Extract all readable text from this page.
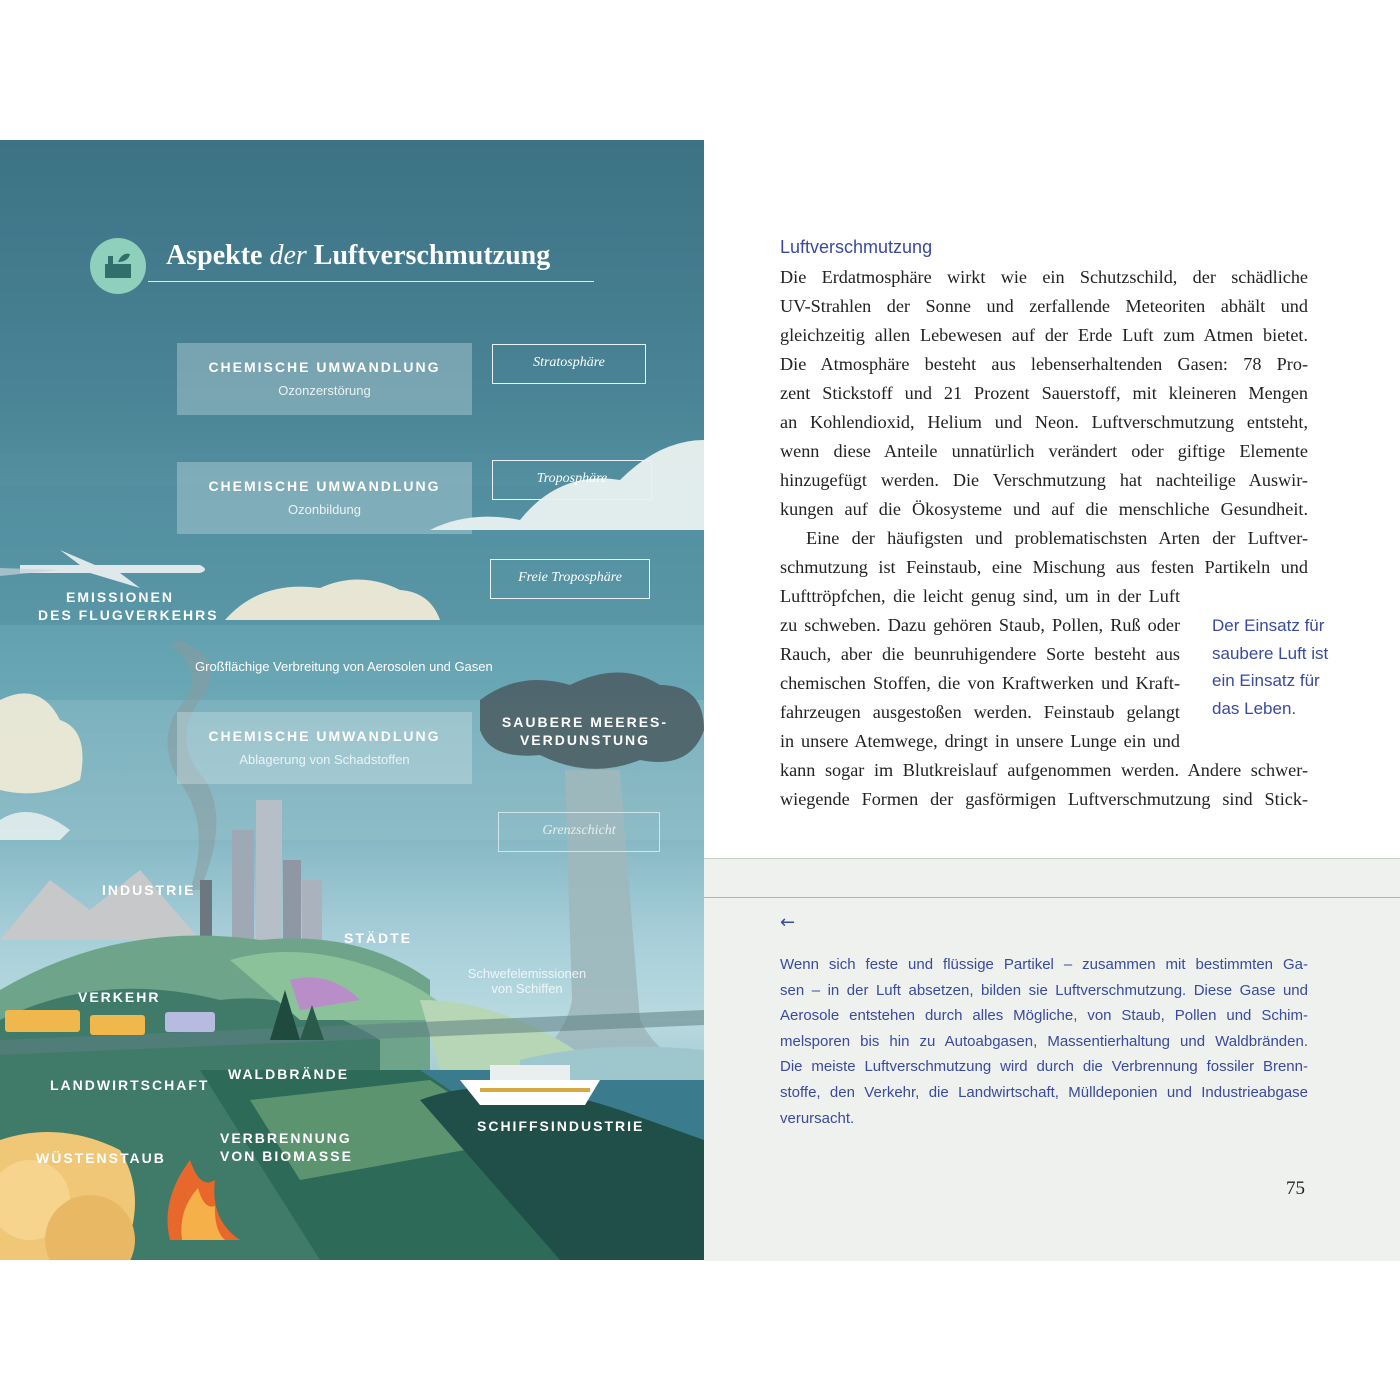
Aspekte der Luftverschmutzung
CHEMISCHE UMWANDLUNG
Ozonzerstörung
CHEMISCHE UMWANDLUNG
Ozonbildung
CHEMISCHE UMWANDLUNG
Ablagerung von Schadstoffen
Stratosphäre
Troposphäre
Freie Troposphäre
Grenzschicht
EMISSIONEN
DES FLUGVERKEHRS
Großflächige Verbreitung von Aerosolen und Gasen
SAUBERE MEERES-
VERDUNSTUNG
INDUSTRIE
STÄDTE
Schwefelemissionen
von Schiffen
VERKEHR
LANDWIRTSCHAFT
WALDBRÄNDE
SCHIFFSINDUSTRIE
VERBRENNUNG
VON BIOMASSE
WÜSTENSTAUB
Luftverschmutzung
Die Erdatmosphäre wirkt wie ein Schutzschild, der schädliche
UV-Strahlen der Sonne und zerfallende Meteoriten abhält und
gleichzeitig allen Lebewesen auf der Erde Luft zum Atmen bietet.
Die Atmosphäre besteht aus lebenserhaltenden Gasen: 78 Pro-
zent Stickstoff und 21 Prozent Sauerstoff, mit kleineren Mengen
an Kohlendioxid, Helium und Neon. Luftverschmutzung entsteht,
wenn diese Anteile unnatürlich verändert oder giftige Elemente
hinzugefügt werden. Die Verschmutzung hat nachteilige Auswir-
kungen auf die Ökosysteme und auf die menschliche Gesundheit.
Eine der häufigsten und problematischsten Arten der Luftver-
schmutzung ist Feinstaub, eine Mischung aus festen Partikeln und
Lufttröpfchen, die leicht genug sind, um in der Luft
zu schweben. Dazu gehören Staub, Pollen, Ruß oder
Rauch, aber die beunruhigendere Sorte besteht aus
chemischen Stoffen, die von Kraftwerken und Kraft-
fahrzeugen ausgestoßen werden. Feinstaub gelangt
in unsere Atemwege, dringt in unsere Lunge ein und
kann sogar im Blutkreislauf aufgenommen werden. Andere schwer-
wiegende Formen der gasförmigen Luftverschmutzung sind Stick-
Der Einsatz für
saubere Luft ist
ein Einsatz für
das Leben.
←
Wenn sich feste und flüssige Partikel – zusammen mit bestimmten Ga-
sen – in der Luft absetzen, bilden sie Luftverschmutzung. Diese Gase und
Aerosole entstehen durch alles Mögliche, von Staub, Pollen und Schim-
melsporen bis hin zu Autoabgasen, Massentierhaltung und Waldbränden.
Die meiste Luftverschmutzung wird durch die Verbrennung fossiler Brenn-
stoffe, den Verkehr, die Landwirtschaft, Mülldeponien und Industrieabgase
verursacht.
75
